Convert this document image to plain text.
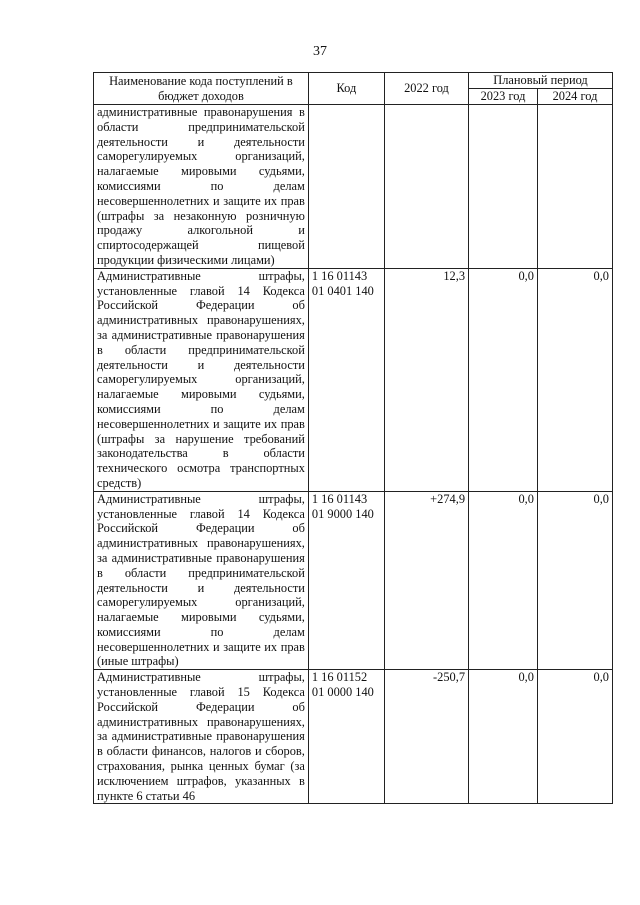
37
Наименование кода поступлений в бюджет доходов	Код	2022 год	Плановый период	
			2023 год	2024 год
административные правонарушения в области предпринимательской деятельности и деятельности саморегулируемых организаций, налагаемые мировыми судьями, комиссиями по делам несовершеннолетних и защите их прав (штрафы за незаконную розничную продажу алкогольной и спиртосодержащей пищевой продукции физическими лицами)				
Административные штрафы, установленные главой 14 Кодекса Российской Федерации об административных правонарушениях, за административные правонарушения в области предпринимательской деятельности и деятельности саморегулируемых организаций, налагаемые мировыми судьями, комиссиями по делам несовершеннолетних и защите их прав (штрафы за нарушение требований законодательства в области технического осмотра транспортных средств)	1 16 01143 01 0401 140	12,3	0,0	0,0
Административные штрафы, установленные главой 14 Кодекса Российской Федерации об административных правонарушениях, за административные правонарушения в области предпринимательской деятельности и деятельности саморегулируемых организаций, налагаемые мировыми судьями, комиссиями по делам несовершеннолетних и защите их прав (иные штрафы)	1 16 01143 01 9000 140	+274,9	0,0	0,0
Административные штрафы, установленные главой 15 Кодекса Российской Федерации об административных правонарушениях, за административные правонарушения в области финансов, налогов и сборов, страхования, рынка ценных бумаг (за исключением штрафов, указанных в пункте 6 статьи 46	1 16 01152 01 0000 140	-250,7	0,0	0,0
